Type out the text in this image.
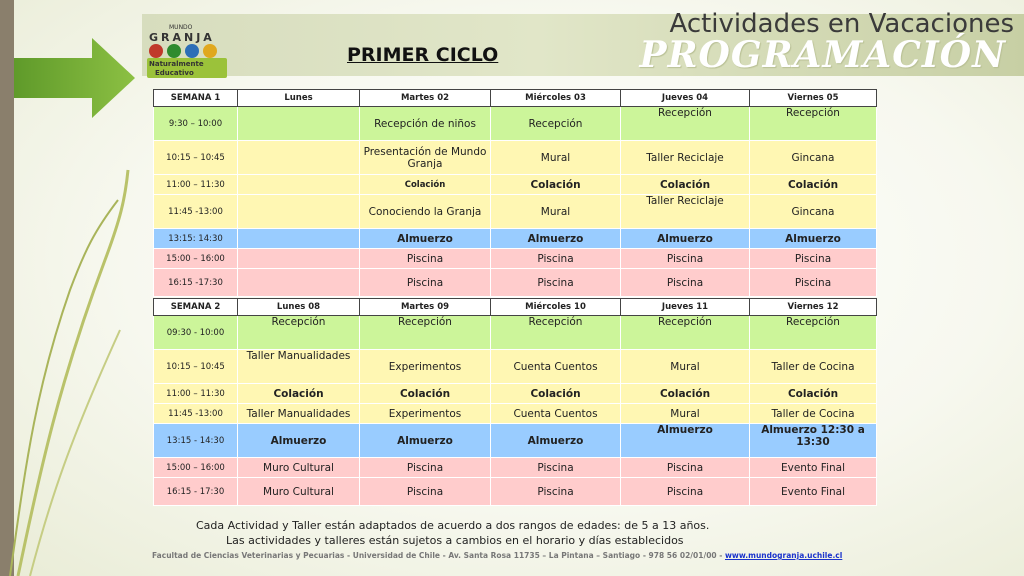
Actividades en Vacaciones
PROGRAMACIÓN
MUNDO
GRANJA
Naturalmente
Educativo
PRIMER CICLO
SEMANA 1	Lunes	Martes 02	Miércoles 03	Jueves 04	Viernes 05
9:30 – 10:00		Recepción de niños	Recepción	Recepción	Recepción
10:15 – 10:45		Presentación de Mundo Granja	Mural	Taller Reciclaje	Gincana
11:00 – 11:30		Colación	Colación	Colación	Colación
11:45 -13:00		Conociendo la Granja	Mural	Taller Reciclaje	Gincana
13:15: 14:30		Almuerzo	Almuerzo	Almuerzo	Almuerzo
15:00 – 16:00		Piscina	Piscina	Piscina	Piscina
16:15 -17:30		Piscina	Piscina	Piscina	Piscina
SEMANA 2	Lunes 08	Martes 09	Miércoles 10	Jueves 11	Viernes 12
09:30 - 10:00	Recepción	Recepción	Recepción	Recepción	Recepción
10:15 – 10:45	Taller Manualidades	Experimentos	Cuenta Cuentos	Mural	Taller de Cocina
11:00 – 11:30	Colación	Colación	Colación	Colación	Colación
11:45 -13:00	Taller Manualidades	Experimentos	Cuenta Cuentos	Mural	Taller de Cocina
13:15 - 14:30	Almuerzo	Almuerzo	Almuerzo	Almuerzo	Almuerzo 12:30 a 13:30
15:00 – 16:00	Muro Cultural	Piscina	Piscina	Piscina	Evento Final
16:15 - 17:30	Muro Cultural	Piscina	Piscina	Piscina	Evento Final
Cada Actividad y Taller están adaptados de acuerdo a dos rangos de edades: de 5 a 13 años.
Las actividades y talleres están sujetos a cambios en el horario y días establecidos
Facultad de Ciencias Veterinarias y Pecuarias - Universidad de Chile - Av. Santa Rosa 11735 – La Pintana – Santiago - 978 56 02/01/00 - www.mundogranja.uchile.cl
